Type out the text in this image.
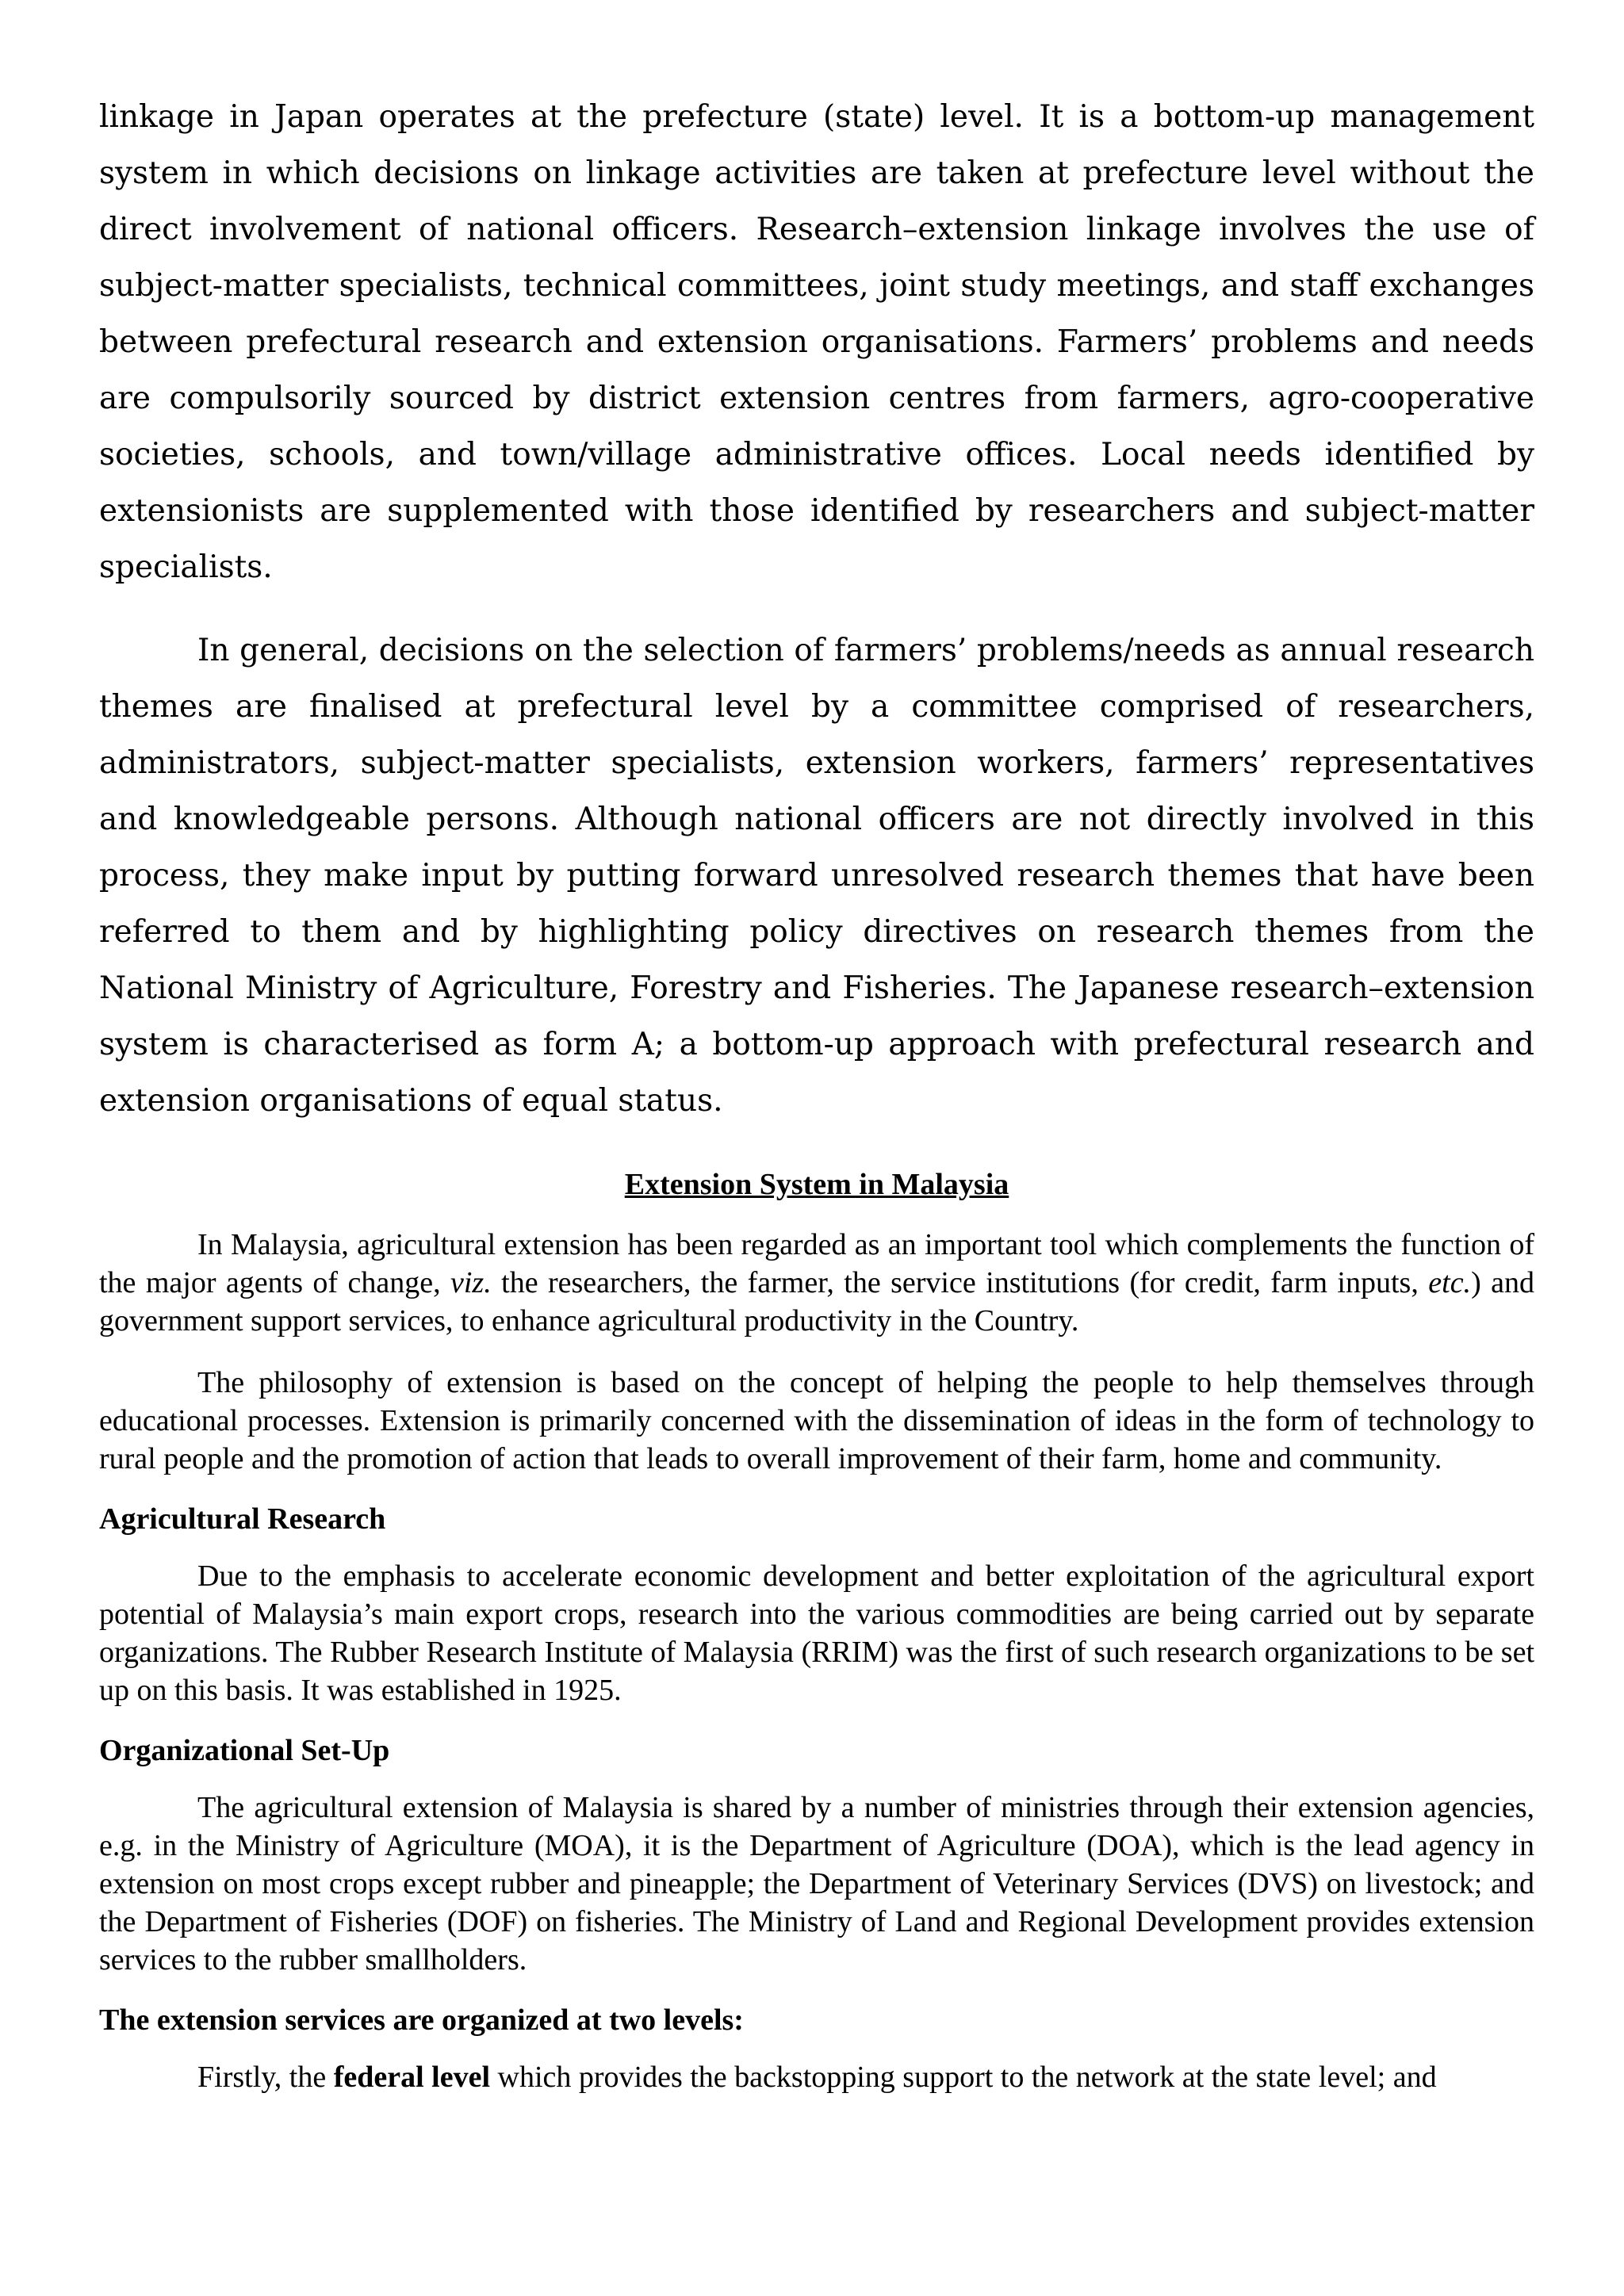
linkage in Japan operates at the prefecture (state) level. It is a bottom-up management system in which decisions on linkage activities are taken at prefecture level without the direct involvement of national officers. Research–extension linkage involves the use of subject-matter specialists, technical committees, joint study meetings, and staff exchanges between prefectural research and extension organisations. Farmers’ problems and needs are compulsorily sourced by district extension centres from farmers, agro-cooperative societies, schools, and town/village administrative offices. Local needs identified by extensionists are supplemented with those identified by researchers and subject-matter specialists.

In general, decisions on the selection of farmers’ problems/needs as annual research themes are finalised at prefectural level by a committee comprised of researchers, administrators, subject-matter specialists, extension workers, farmers’ representatives and knowledgeable persons. Although national officers are not directly involved in this process, they make input by putting forward unresolved research themes that have been referred to them and by highlighting policy directives on research themes from the National Ministry of Agriculture, Forestry and Fisheries. The Japanese research–extension system is characterised as form A; a bottom-up approach with prefectural research and extension organisations of equal status.

Extension System in Malaysia

In Malaysia, agricultural extension has been regarded as an important tool which complements the function of the major agents of change, viz. the researchers, the farmer, the service institutions (for credit, farm inputs, etc.) and government support services, to enhance agricultural productivity in the Country.

The philosophy of extension is based on the concept of helping the people to help themselves through educational processes. Extension is primarily concerned with the dissemination of ideas in the form of technology to rural people and the promotion of action that leads to overall improvement of their farm, home and community.

Agricultural Research

Due to the emphasis to accelerate economic development and better exploitation of the agricultural export potential of Malaysia’s main export crops, research into the various commodities are being carried out by separate organizations. The Rubber Research Institute of Malaysia (RRIM) was the first of such research organizations to be set up on this basis. It was established in 1925.

Organizational Set-Up

The agricultural extension of Malaysia is shared by a number of ministries through their extension agencies, e.g. in the Ministry of Agriculture (MOA), it is the Department of Agriculture (DOA), which is the lead agency in extension on most crops except rubber and pineapple; the Department of Veterinary Services (DVS) on livestock; and the Department of Fisheries (DOF) on fisheries. The Ministry of Land and Regional Development provides extension services to the rubber smallholders.

The extension services are organized at two levels:

Firstly, the federal level which provides the backstopping support to the network at the state level; and
